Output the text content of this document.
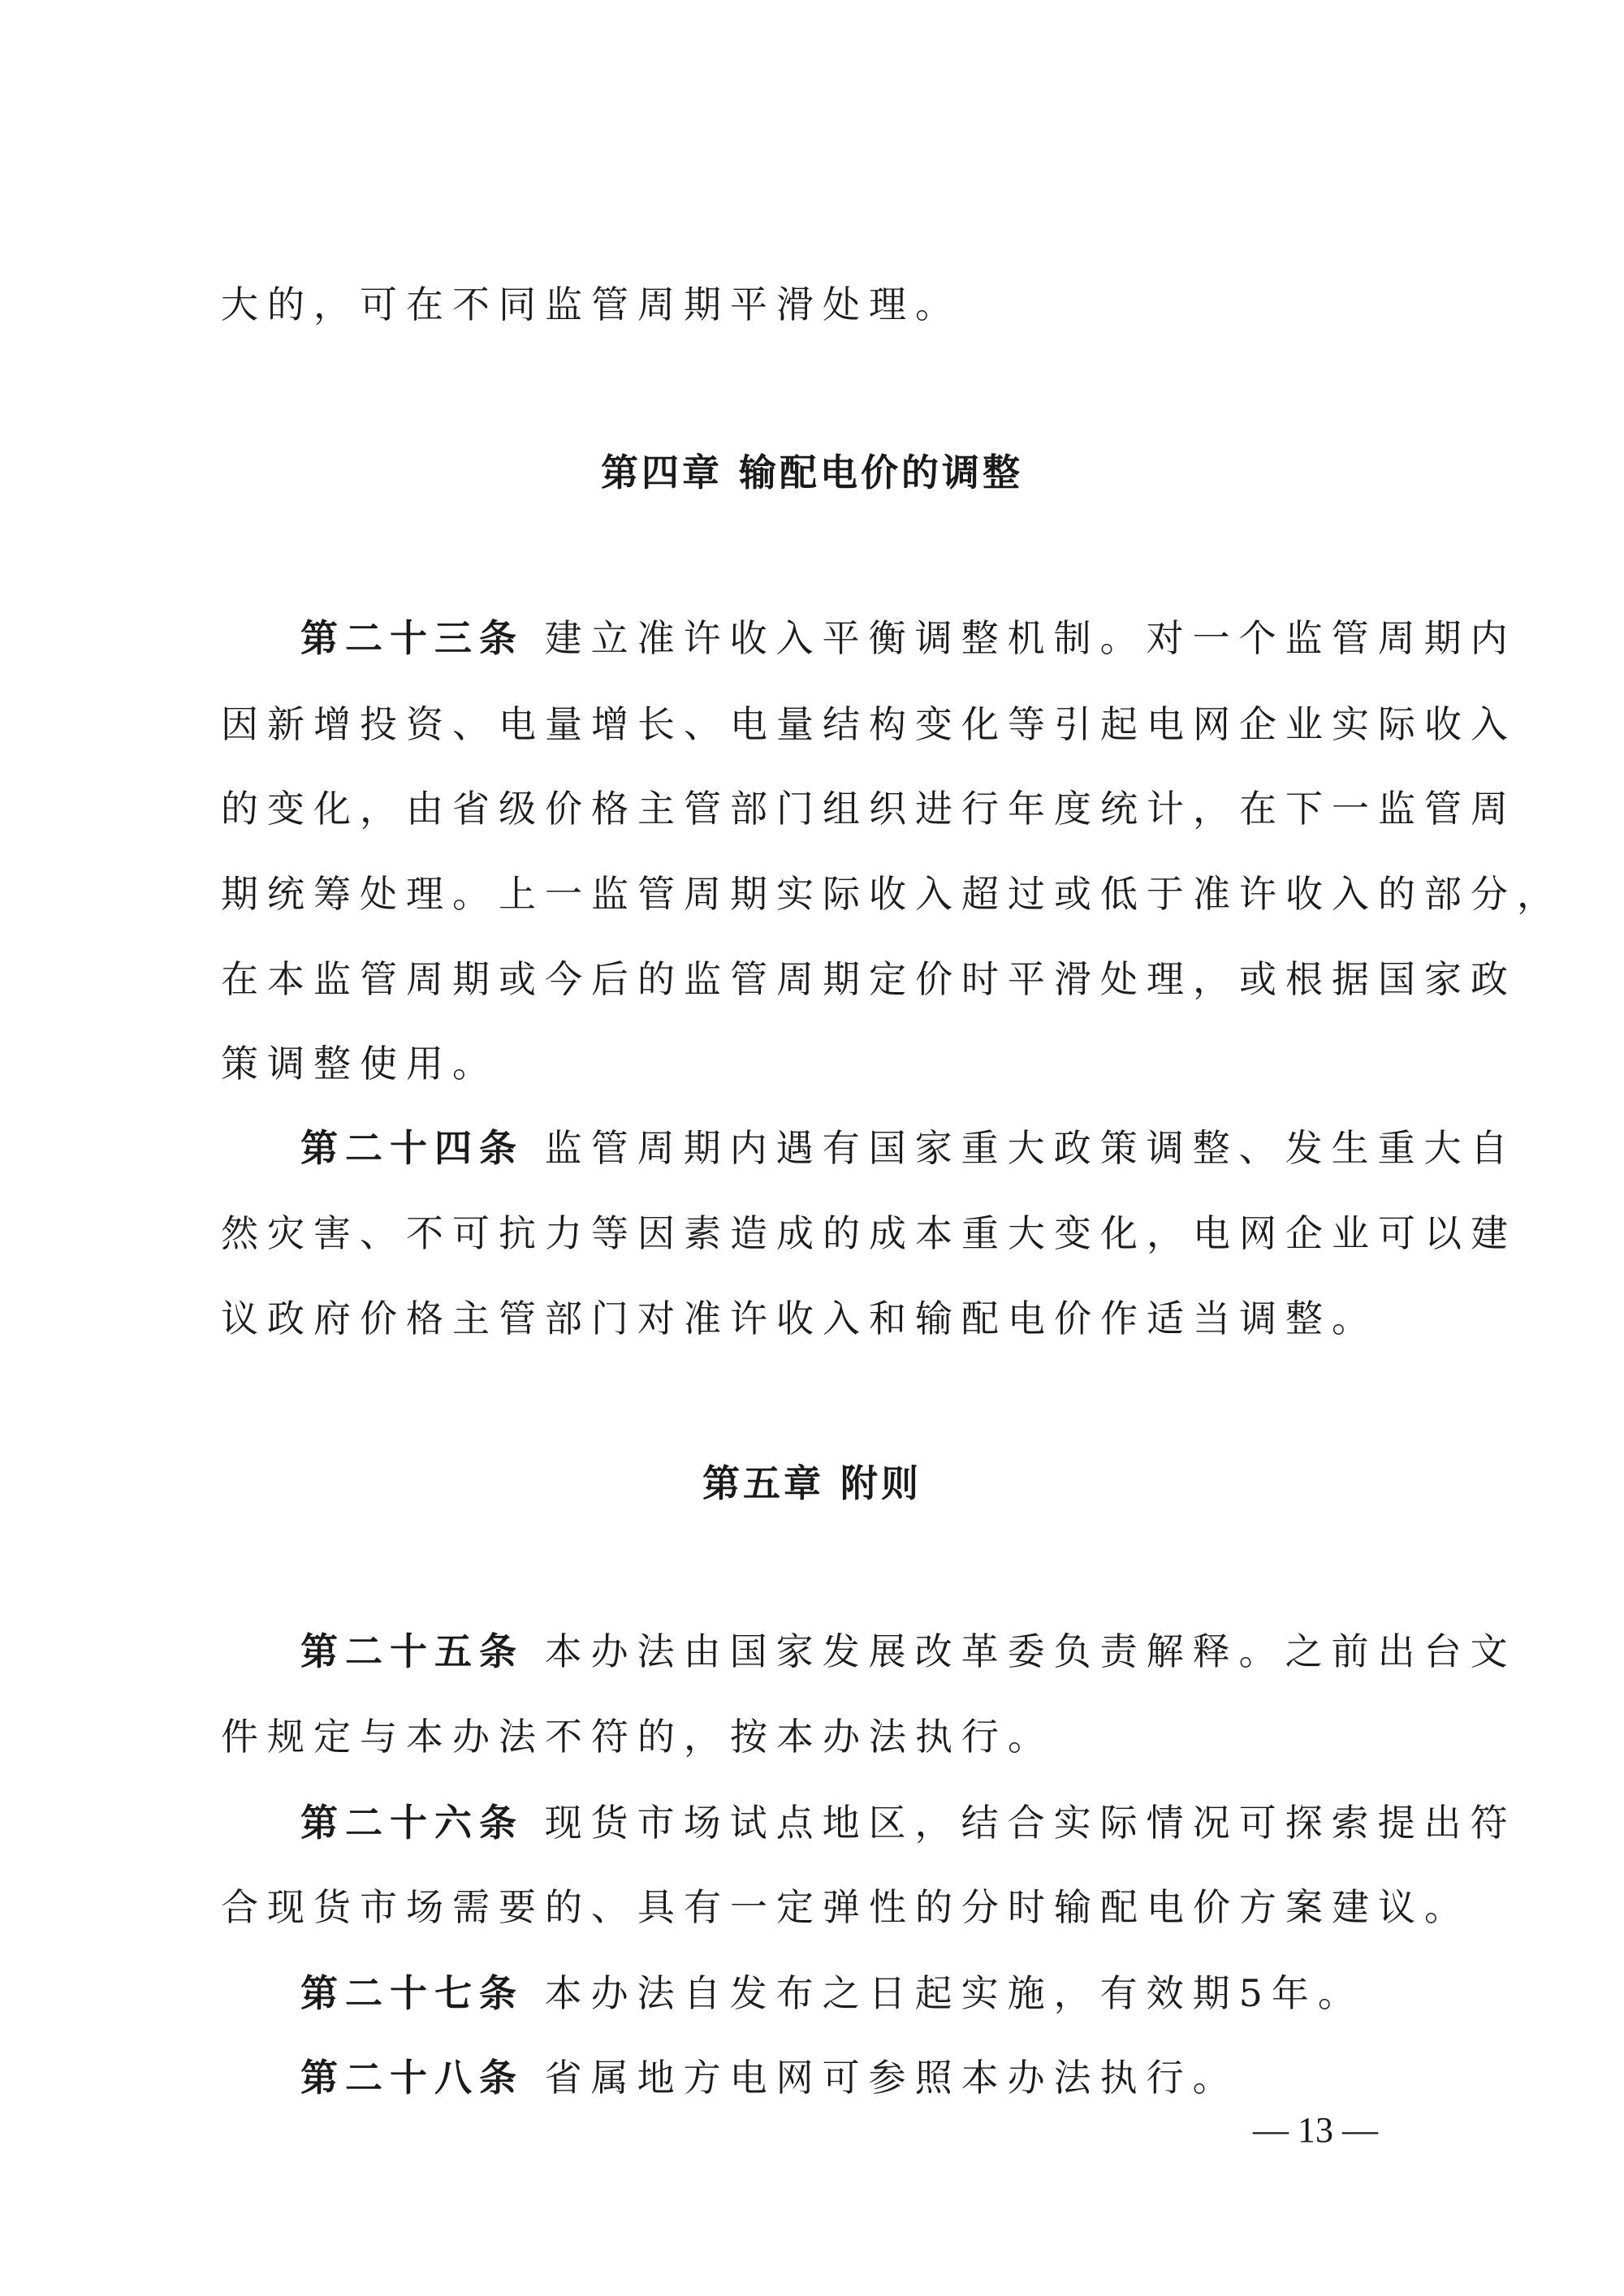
大的，可在不同监管周期平滑处理。
第四章 输配电价的调整
第二十三条 建立准许收入平衡调整机制。对一个监管周期内
因新增投资、电量增长、电量结构变化等引起电网企业实际收入
的变化，由省级价格主管部门组织进行年度统计，在下一监管周
期统筹处理。上一监管周期实际收入超过或低于准许收入的部分，
在本监管周期或今后的监管周期定价时平滑处理，或根据国家政
策调整使用。
第二十四条 监管周期内遇有国家重大政策调整、发生重大自
然灾害、不可抗力等因素造成的成本重大变化，电网企业可以建
议政府价格主管部门对准许收入和输配电价作适当调整。
第五章 附则
第二十五条 本办法由国家发展改革委负责解释。之前出台文
件规定与本办法不符的，按本办法执行。
第二十六条 现货市场试点地区，结合实际情况可探索提出符
合现货市场需要的、具有一定弹性的分时输配电价方案建议。
第二十七条 本办法自发布之日起实施，有效期5年。
第二十八条 省属地方电网可参照本办法执行。
— 13 —
